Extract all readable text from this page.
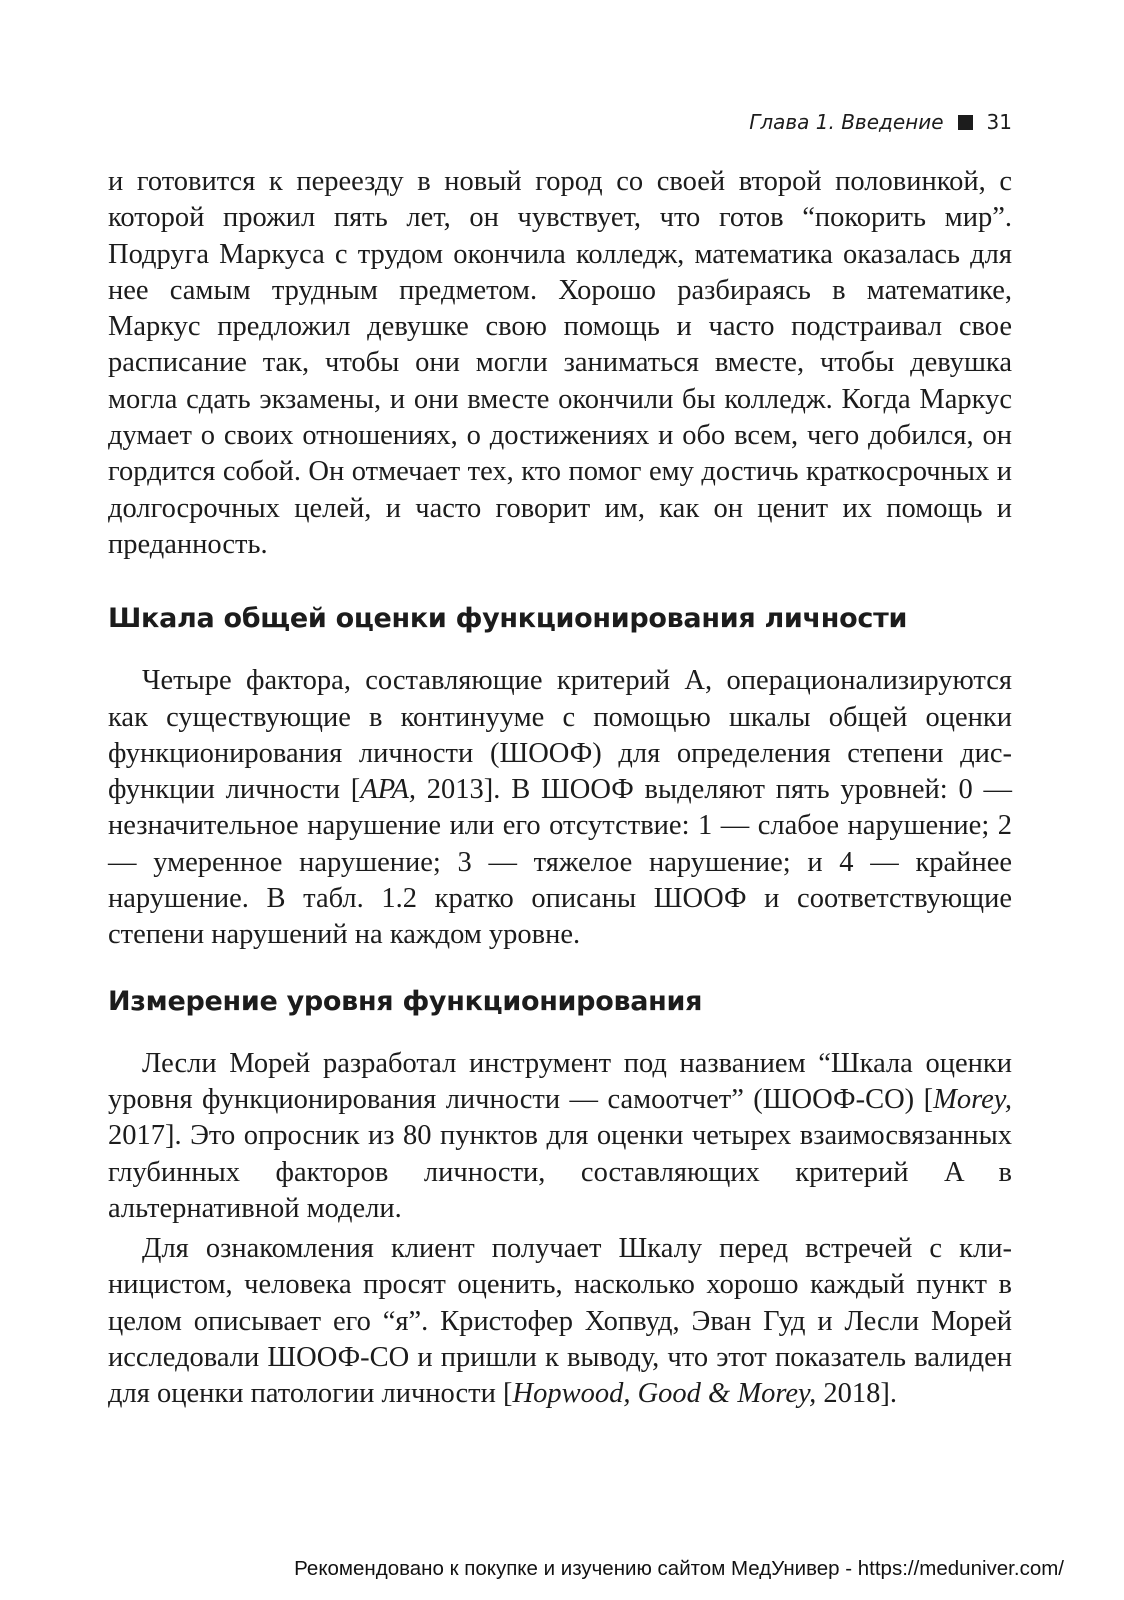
Глава 1. Введение 31

и готовится к переезду в новый город со своей второй половинкой, с которой прожил пять лет, он чувствует, что готов “покорить мир”. Подруга Маркуса с трудом окончила колледж, математика оказалась для нее самым трудным предметом. Хорошо разбираясь в математике, Маркус предложил девушке свою помощь и часто подстраивал свое расписание так, чтобы они могли заниматься вместе, чтобы девушка могла сдать экзамены, и они вместе окончили бы колледж. Когда Маркус думает о своих отношениях, о достижениях и обо всем, чего добился, он гордится собой. Он отмечает тех, кто помог ему достичь краткосрочных и долгосрочных целей, и часто говорит им, как он ценит их помощь и преданность.

Шкала общей оценки функционирования личности

Четыре фактора, составляющие критерий A, операционализируются как существующие в континууме с помощью шкалы общей оценки функционирования личности (ШООФ) для определения степени дисфункции личности [APA, 2013]. В ШООФ выделяют пять уровней: 0 — незначительное нарушение или его отсутствие: 1 — слабое нарушение; 2 — умеренное нарушение; 3 — тяжелое нарушение; и 4 — крайнее нарушение. В табл. 1.2 кратко описаны ШООФ и соответствующие степени нарушений на каждом уровне.

Измерение уровня функционирования

Лесли Морей разработал инструмент под названием “Шкала оценки уровня функционирования личности — самоотчет” (ШООФ-СО) [Morey, 2017]. Это опросник из 80 пунктов для оценки четырех взаимосвязанных глубинных факторов личности, составляющих критерий A в альтернативной модели.

Для ознакомления клиент получает Шкалу перед встречей с клиницистом, человека просят оценить, насколько хорошо каждый пункт в целом описывает его “я”. Кристофер Хопвуд, Эван Гуд и Лесли Морей исследовали ШООФ-СО и пришли к выводу, что этот показатель валиден для оценки патологии личности [Hopwood, Good & Morey, 2018].

Рекомендовано к покупке и изучению сайтом МедУнивер - https://meduniver.com/
